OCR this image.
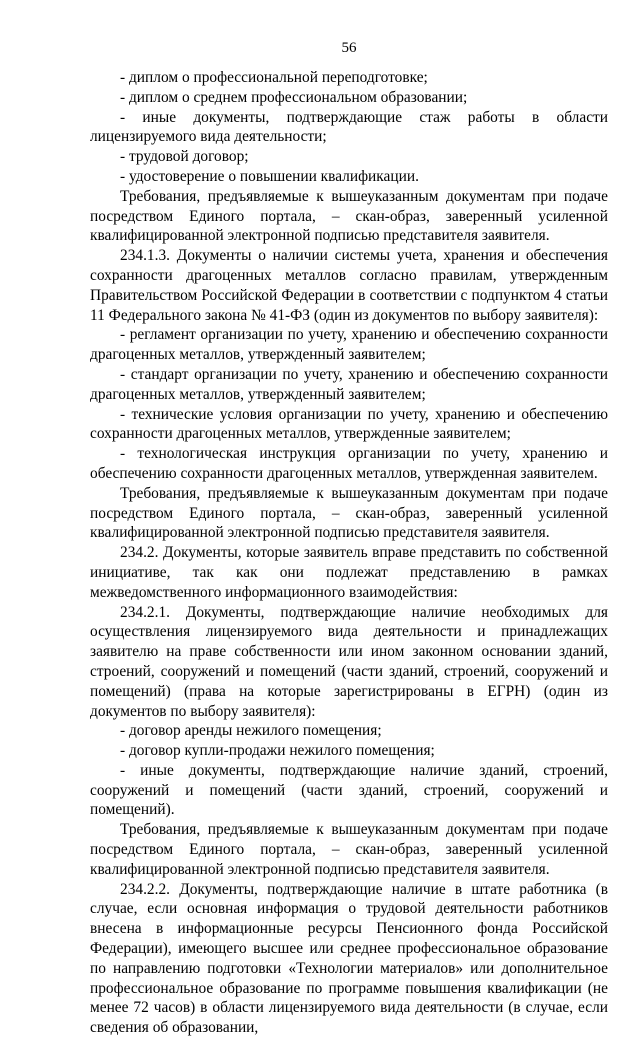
56

- диплом о профессиональной переподготовке;

- диплом о среднем профессиональном образовании;

- иные документы, подтверждающие стаж работы в области лицензируемого вида деятельности;

- трудовой договор;

- удостоверение о повышении квалификации.

Требования, предъявляемые к вышеуказанным документам при подаче посредством Единого портала, – скан-образ, заверенный усиленной квалифицированной электронной подписью представителя заявителя.

234.1.3. Документы о наличии системы учета, хранения и обеспечения сохранности драгоценных металлов согласно правилам, утвержденным Правительством Российской Федерации в соответствии с подпунктом 4 статьи 11 Федерального закона № 41-ФЗ (один из документов по выбору заявителя):

- регламент организации по учету, хранению и обеспечению сохранности драгоценных металлов, утвержденный заявителем;

- стандарт организации по учету, хранению и обеспечению сохранности драгоценных металлов, утвержденный заявителем;

- технические условия организации по учету, хранению и обеспечению сохранности драгоценных металлов, утвержденные заявителем;

- технологическая инструкция организации по учету, хранению и обеспечению сохранности драгоценных металлов, утвержденная заявителем.

Требования, предъявляемые к вышеуказанным документам при подаче посредством Единого портала, – скан-образ, заверенный усиленной квалифицированной электронной подписью представителя заявителя.

234.2. Документы, которые заявитель вправе представить по собственной инициативе, так как они подлежат представлению в рамках межведомственного информационного взаимодействия:

234.2.1. Документы, подтверждающие наличие необходимых для осуществления лицензируемого вида деятельности и принадлежащих заявителю на праве собственности или ином законном основании зданий, строений, сооружений и помещений (части зданий, строений, сооружений и помещений) (права на которые зарегистрированы в ЕГРН) (один из документов по выбору заявителя):

- договор аренды нежилого помещения;

- договор купли-продажи нежилого помещения;

- иные документы, подтверждающие наличие зданий, строений, сооружений и помещений (части зданий, строений, сооружений и помещений).

Требования, предъявляемые к вышеуказанным документам при подаче посредством Единого портала, – скан-образ, заверенный усиленной квалифицированной электронной подписью представителя заявителя.

234.2.2. Документы, подтверждающие наличие в штате работника (в случае, если основная информация о трудовой деятельности работников внесена в информационные ресурсы Пенсионного фонда Российской Федерации), имеющего высшее или среднее профессиональное образование по направлению подготовки «Технологии материалов» или дополнительное профессиональное образование по программе повышения квалификации (не менее 72 часов) в области лицензируемого вида деятельности (в случае, если сведения об образовании,
